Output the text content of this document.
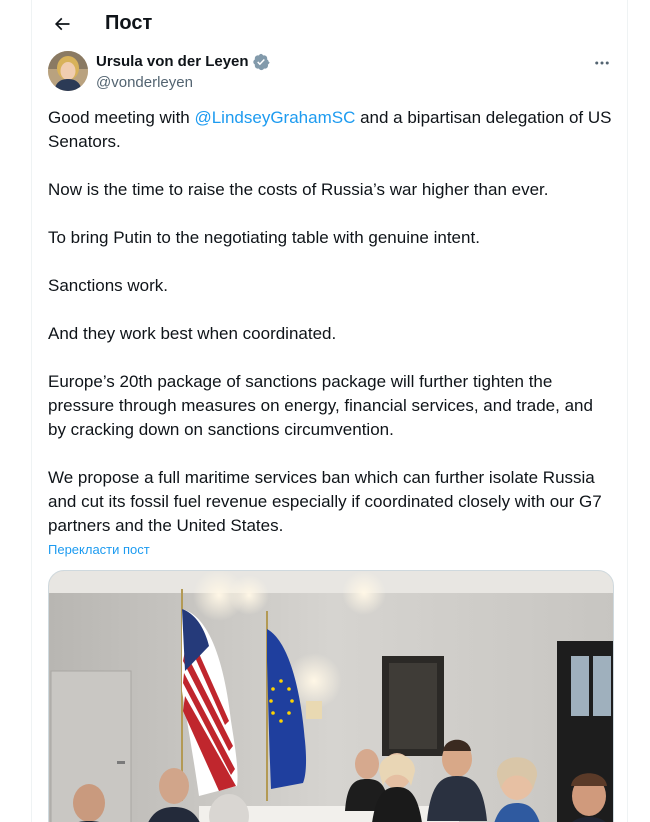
Пост
Ursula von der Leyen
@vonderleyen

Good meeting with @LindseyGrahamSC and a bipartisan delegation of US Senators.

Now is the time to raise the costs of Russia’s war higher than ever.

To bring Putin to the negotiating table with genuine intent.

Sanctions work.

And they work best when coordinated.

Europe’s 20th package of sanctions package will further tighten the pressure through measures on energy, financial services, and trade, and by cracking down on sanctions circumvention.

We propose a full maritime services ban which can further isolate Russia and cut its fossil fuel revenue especially if coordinated closely with our G7 partners and the United States.

Перекласти пост
